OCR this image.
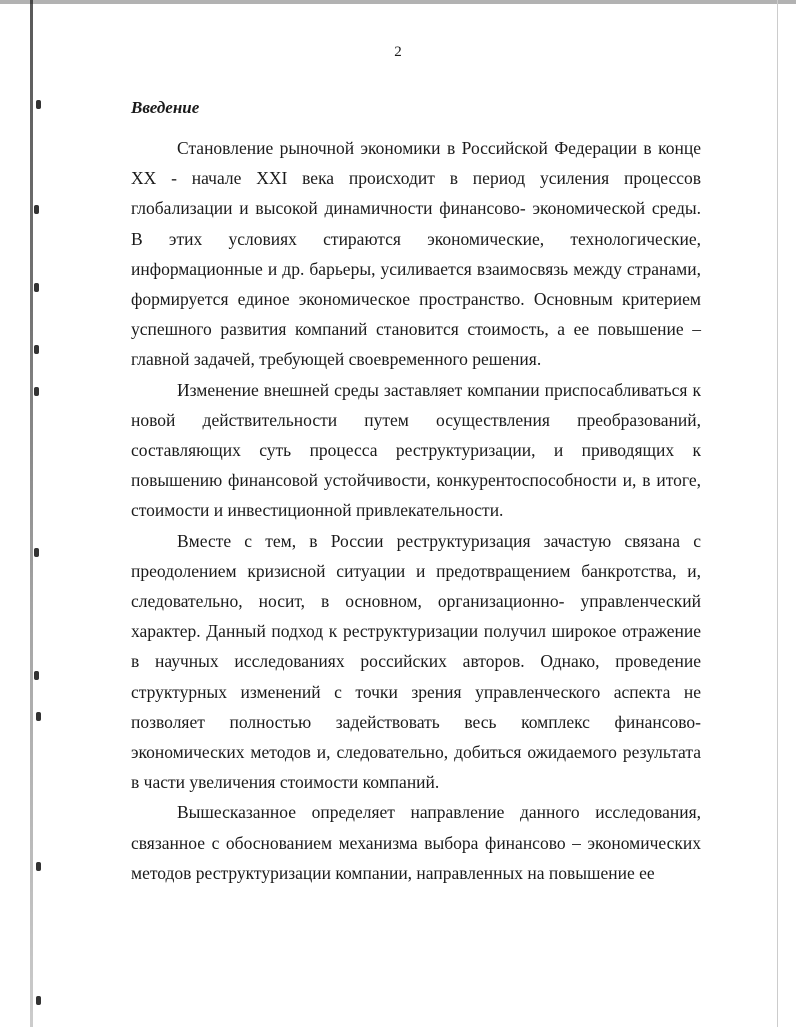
2
Введение

Становление рыночной экономики в Российской Федерации в конце XX - начале XXI века происходит в период усиления процессов глобализации и высокой динамичности финансово- экономической среды. В этих условиях стираются экономические, технологические, информационные и др. барьеры, усиливается взаимосвязь между странами, формируется единое экономическое пространство. Основным критерием успешного развития компаний становится стоимость, а ее повышение – главной задачей, требующей своевременного решения.

Изменение внешней среды заставляет компании приспосабливаться к новой действительности путем осуществления преобразований, составляющих суть процесса реструктуризации, и приводящих к повышению финансовой устойчивости, конкурентоспособности и, в итоге, стоимости и инвестиционной привлекательности.

Вместе с тем, в России реструктуризация зачастую связана с преодолением кризисной ситуации и предотвращением банкротства, и, следовательно, носит, в основном, организационно- управленческий характер. Данный подход к реструктуризации получил широкое отражение в научных исследованиях российских авторов. Однако, проведение структурных изменений с точки зрения управленческого аспекта не позволяет полностью задействовать весь комплекс финансово-экономических методов и, следовательно, добиться ожидаемого результата в части увеличения стоимости компаний.

Вышесказанное определяет направление данного исследования, связанное с обоснованием механизма выбора финансово – экономических методов реструктуризации компании, направленных на повышение ее
